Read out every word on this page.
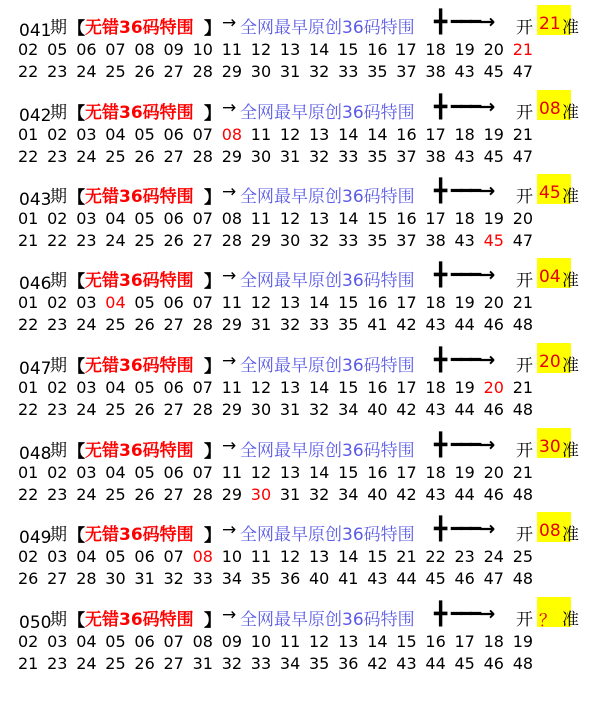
041
期 【 无错36码特围 】 → 全网最早原创36码特围 ╋ ━━━→ 开 21 准
02 05 06 07 08 09 10 11 12 13 14 15 16 17 18 19 20 21
22 23 24 25 26 27 28 29 30 31 32 33 35 37 38 43 45 47
042
期 【 无错36码特围 】 → 全网最早原创36码特围 ╋ ━━━→ 开 08 准
01 02 03 04 05 06 07 08 11 12 13 14 14 16 17 18 19 21
22 23 24 25 26 27 28 29 30 31 32 33 35 37 38 43 45 47
043
期 【 无错36码特围 】 → 全网最早原创36码特围 ╋ ━━━→ 开 45 准
01 02 03 04 05 06 07 08 11 12 13 14 15 16 17 18 19 20
21 22 23 24 25 26 27 28 29 30 32 33 35 37 38 43 45 47
046
期 【 无错36码特围 】 → 全网最早原创36码特围 ╋ ━━━→ 开 04 准
01 02 03 04 05 06 07 11 12 13 14 15 16 17 18 19 20 21
22 23 24 25 26 27 28 29 31 32 33 35 41 42 43 44 46 48
047
期 【 无错36码特围 】 → 全网最早原创36码特围 ╋ ━━━→ 开 20 准
01 02 03 04 05 06 07 11 12 13 14 15 16 17 18 19 20 21
22 23 24 25 26 27 28 29 30 31 32 34 40 42 43 44 46 48
048
期 【 无错36码特围 】 → 全网最早原创36码特围 ╋ ━━━→ 开 30 准
01 02 03 04 05 06 07 11 12 13 14 15 16 17 18 19 20 21
22 23 24 25 26 27 28 29 30 31 32 34 40 42 43 44 46 48
049
期 【 无错36码特围 】 → 全网最早原创36码特围 ╋ ━━━→ 开 08 准
02 03 04 05 06 07 08 10 11 12 13 14 15 21 22 23 24 25
26 27 28 30 31 32 33 34 35 36 40 41 43 44 45 46 47 48
050
期 【 无错36码特围 】 → 全网最早原创36码特围 ╋ ━━━→ 开 ？ 准
02 03 04 05 06 07 08 09 10 11 12 13 14 15 16 17 18 19
21 23 24 25 26 27 31 32 33 34 35 36 42 43 44 45 46 48
